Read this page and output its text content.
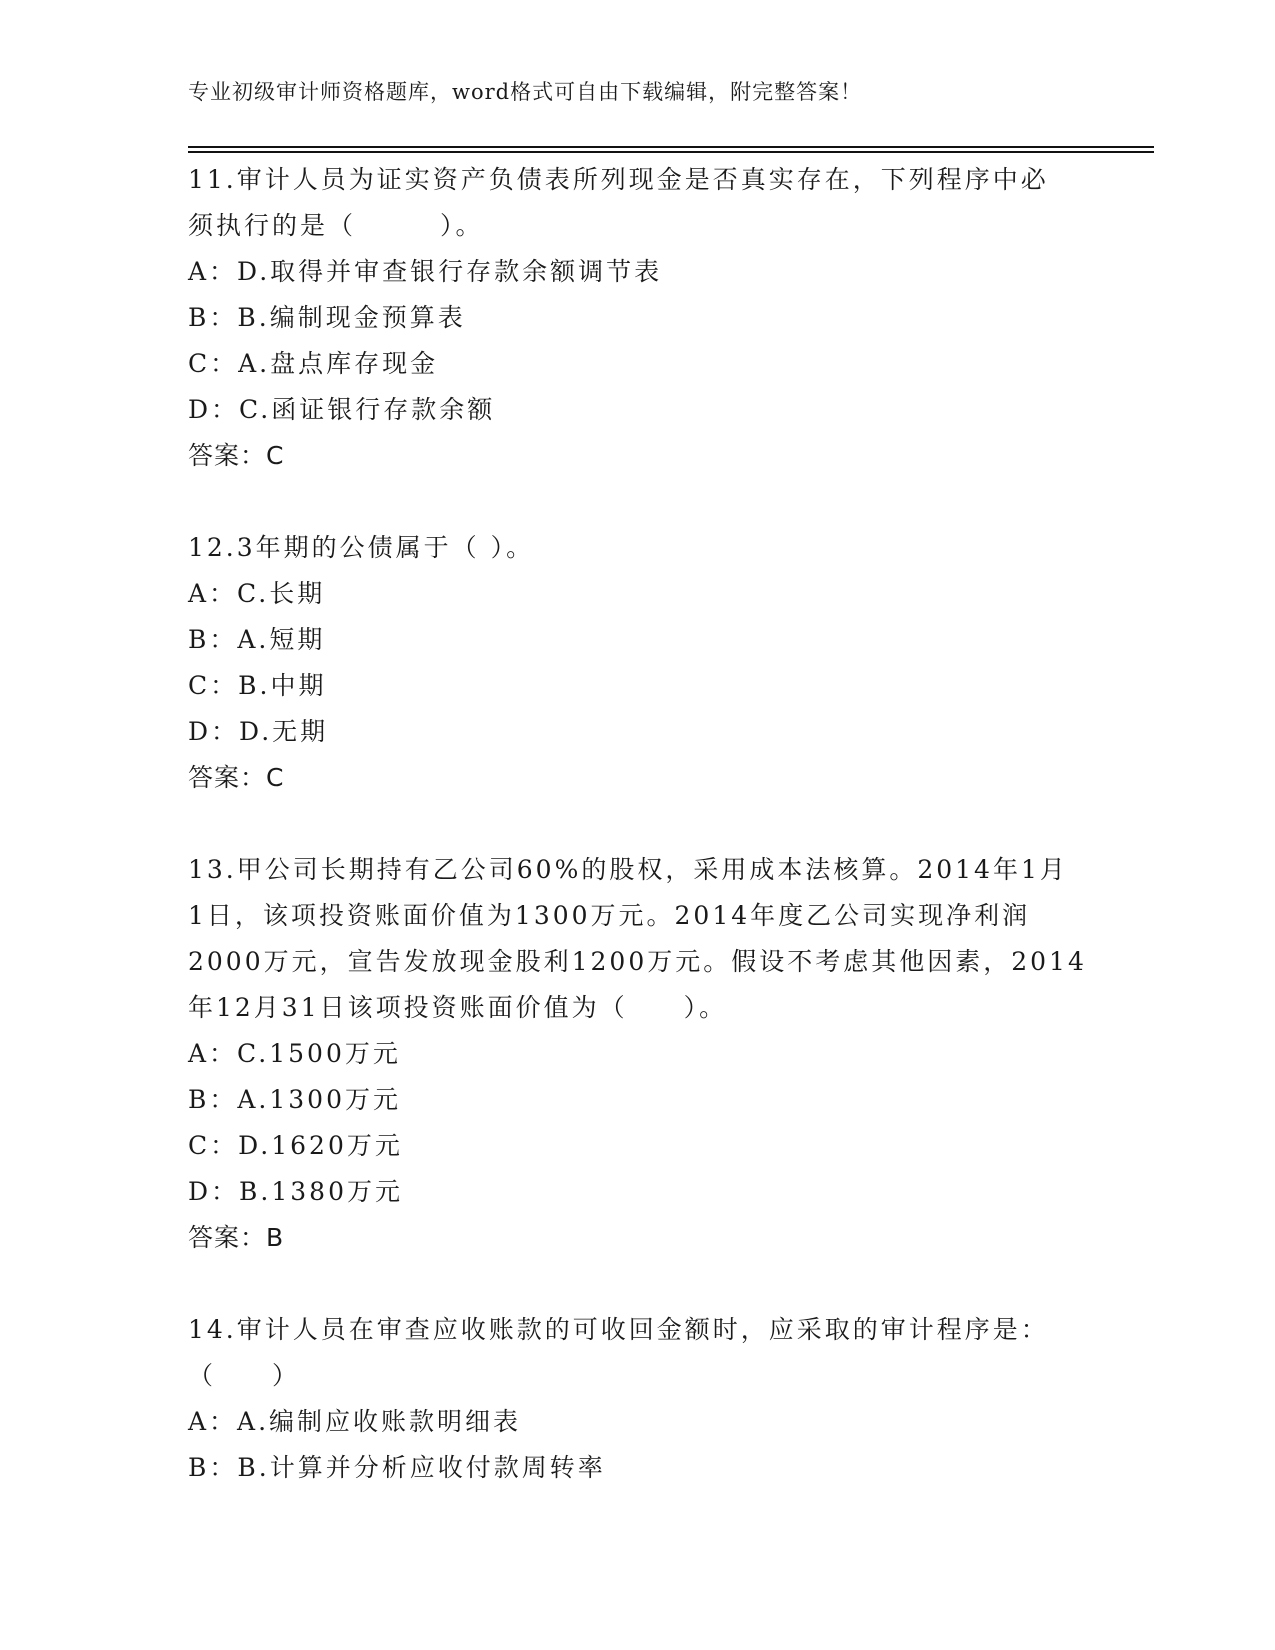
专业初级审计师资格题库，word格式可自由下载编辑，附完整答案！
11.审计人员为证实资产负债表所列现金是否真实存在，下列程序中必
须执行的是（　　　）。
A：D.取得并审查银行存款余额调节表
B：B.编制现金预算表
C：A.盘点库存现金
D：C.函证银行存款余额
答案：C
12.3年期的公债属于（ ）。
A：C.长期
B：A.短期
C：B.中期
D：D.无期
答案：C
13.甲公司长期持有乙公司60%的股权，采用成本法核算。2014年1月
1日，该项投资账面价值为1300万元。2014年度乙公司实现净利润
2000万元，宣告发放现金股利1200万元。假设不考虑其他因素，2014
年12月31日该项投资账面价值为（　　）。
A：C.1500万元
B：A.1300万元
C：D.1620万元
D：B.1380万元
答案：B
14.审计人员在审查应收账款的可收回金额时，应采取的审计程序是：
（　　）
A：A.编制应收账款明细表
B：B.计算并分析应收付款周转率
